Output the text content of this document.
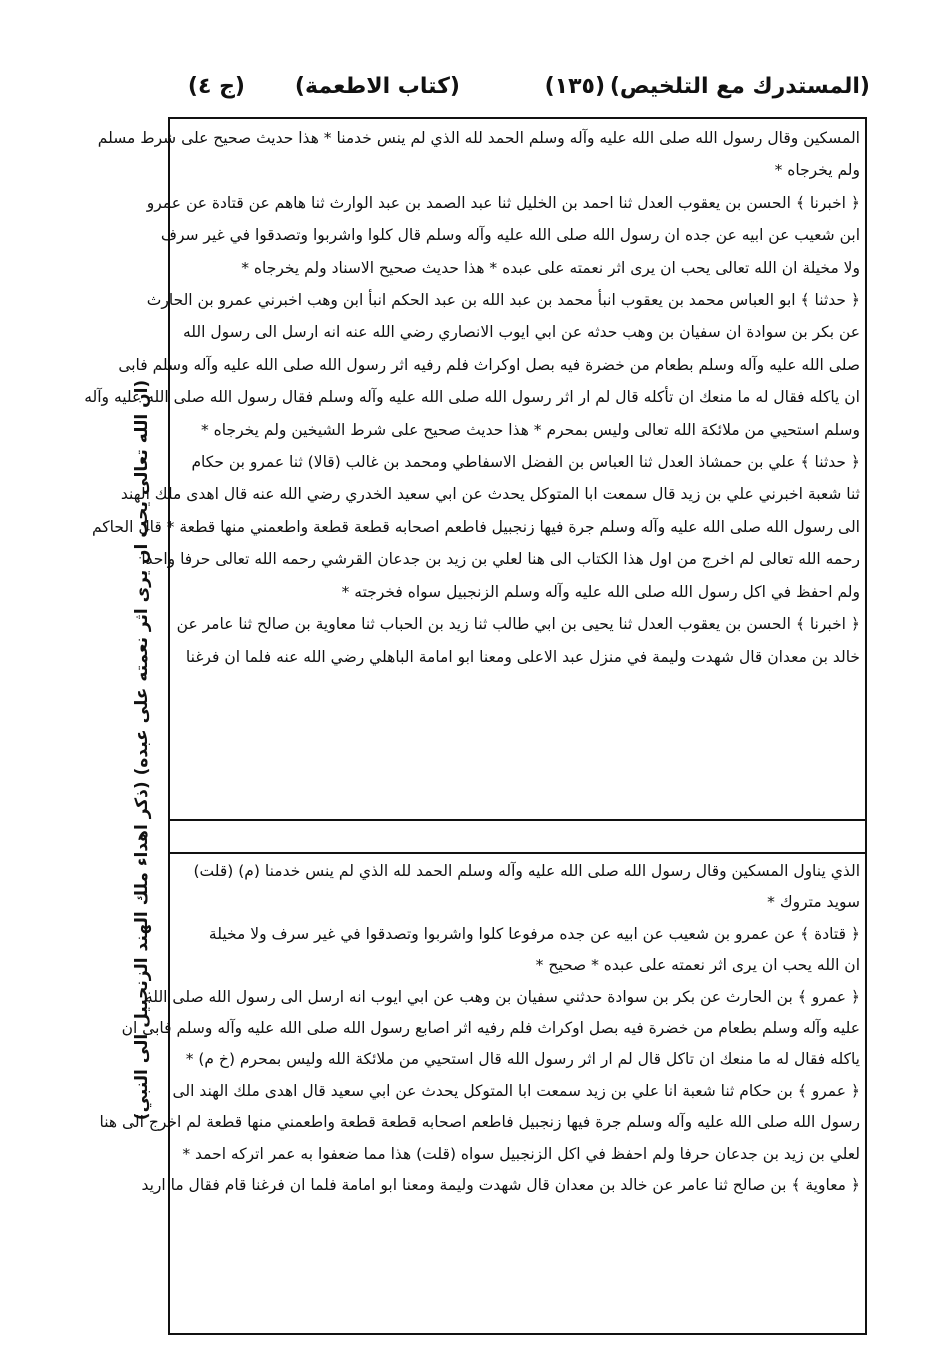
(المستدرك مع التلخيص)
(١٣٥)
(كتاب الاطعمة)
(ج ٤)
(ان الله تعالى يحب ان يرى اثر نعمته على عبده) (ذكر اهداء ملك الهند الزنجبيل الى النبي)
المسكين وقال رسول الله صلى الله عليه وآله وسلم الحمد لله الذي لم ينس خدمنا * هذا حديث صحيح على شرط مسلم
ولم يخرجاه *
﴿ اخبرنا ﴾ الحسن بن يعقوب العدل ثنا احمد بن الخليل ثنا عبد الصمد بن عبد الوارث ثنا هاهم عن قتادة عن عمرو
ابن شعيب عن ابيه عن جده ان رسول الله صلى الله عليه وآله وسلم قال كلوا واشربوا وتصدقوا في غير سرف
ولا مخيلة ان الله تعالى يحب ان يرى اثر نعمته على عبده * هذا حديث صحيح الاسناد ولم يخرجاه *
﴿ حدثنا ﴾ ابو العباس محمد بن يعقوب انبأ محمد بن عبد الله بن عبد الحكم انبأ ابن وهب اخبرني عمرو بن الحارث
عن بكر بن سوادة ان سفيان بن وهب حدثه عن ابي ايوب الانصاري رضي الله عنه انه ارسل الى رسول الله
صلى الله عليه وآله وسلم بطعام من خضرة فيه بصل اوكراث فلم رفيه اثر رسول الله صلى الله عليه وآله وسلم فابى
ان ياكله فقال له ما منعك ان تأكله قال لم ار اثر رسول الله صلى الله عليه وآله وسلم فقال رسول الله صلى الله عليه وآله
وسلم استحيي من ملائكة الله تعالى وليس بمحرم * هذا حديث صحيح على شرط الشيخين ولم يخرجاه *
﴿ حدثنا ﴾ علي بن حمشاذ العدل ثنا العباس بن الفضل الاسفاطي ومحمد بن غالب (قالا) ثنا عمرو بن حكام
ثنا شعبة اخبرني علي بن زيد قال سمعت ابا المتوكل يحدث عن ابي سعيد الخدري رضي الله عنه قال اهدى ملك الهند
الى رسول الله صلى الله عليه وآله وسلم جرة فيها زنجبيل فاطعم اصحابه قطعة قطعة واطعمني منها قطعة * قال الحاكم
رحمه الله تعالى لم اخرج من اول هذا الكتاب الى هنا لعلي بن زيد بن جدعان القرشي رحمه الله تعالى حرفا واحدا
ولم احفظ في اكل رسول الله صلى الله عليه وآله وسلم الزنجبيل سواه فخرجته *
﴿ اخبرنا ﴾ الحسن بن يعقوب العدل ثنا يحيى بن ابي طالب ثنا زيد بن الحباب ثنا معاوية بن صالح ثنا عامر عن
خالد بن معدان قال شهدت وليمة في منزل عبد الاعلى ومعنا ابو امامة الباهلي رضي الله عنه فلما ان فرغنا
الذي يناول المسكين وقال رسول الله صلى الله عليه وآله وسلم الحمد لله الذي لم ينس خدمنا (م) (قلت)
سويد متروك *
﴿ قتادة ﴾ عن عمرو بن شعيب عن ابيه عن جده مرفوعا كلوا واشربوا وتصدقوا في غير سرف ولا مخيلة
ان الله يحب ان يرى اثر نعمته على عبده * صحيح *
﴿ عمرو ﴾ بن الحارث عن بكر بن سوادة حدثني سفيان بن وهب عن ابي ايوب انه ارسل الى رسول الله صلى الله
عليه وآله وسلم بطعام من خضرة فيه بصل اوكراث فلم رفيه اثر اصابع رسول الله صلى الله عليه وآله وسلم فابى ان
ياكله فقال له ما منعك ان تاكل قال لم ار اثر رسول الله قال استحيي من ملائكة الله وليس بمحرم (خ م) *
﴿ عمرو ﴾ بن حكام ثنا شعبة انا علي بن زيد سمعت ابا المتوكل يحدث عن ابي سعيد قال اهدى ملك الهند الى
رسول الله صلى الله عليه وآله وسلم جرة فيها زنجبيل فاطعم اصحابه قطعة قطعة واطعمني منها قطعة لم اخرج الى هنا
لعلي بن زيد بن جدعان حرفا ولم احفظ في اكل الزنجبيل سواه (قلت) هذا مما ضعفوا به عمر اتركه احمد *
﴿ معاوية ﴾ بن صالح ثنا عامر عن خالد بن معدان قال شهدت وليمة ومعنا ابو امامة فلما ان فرغنا قام فقال ما اريد
